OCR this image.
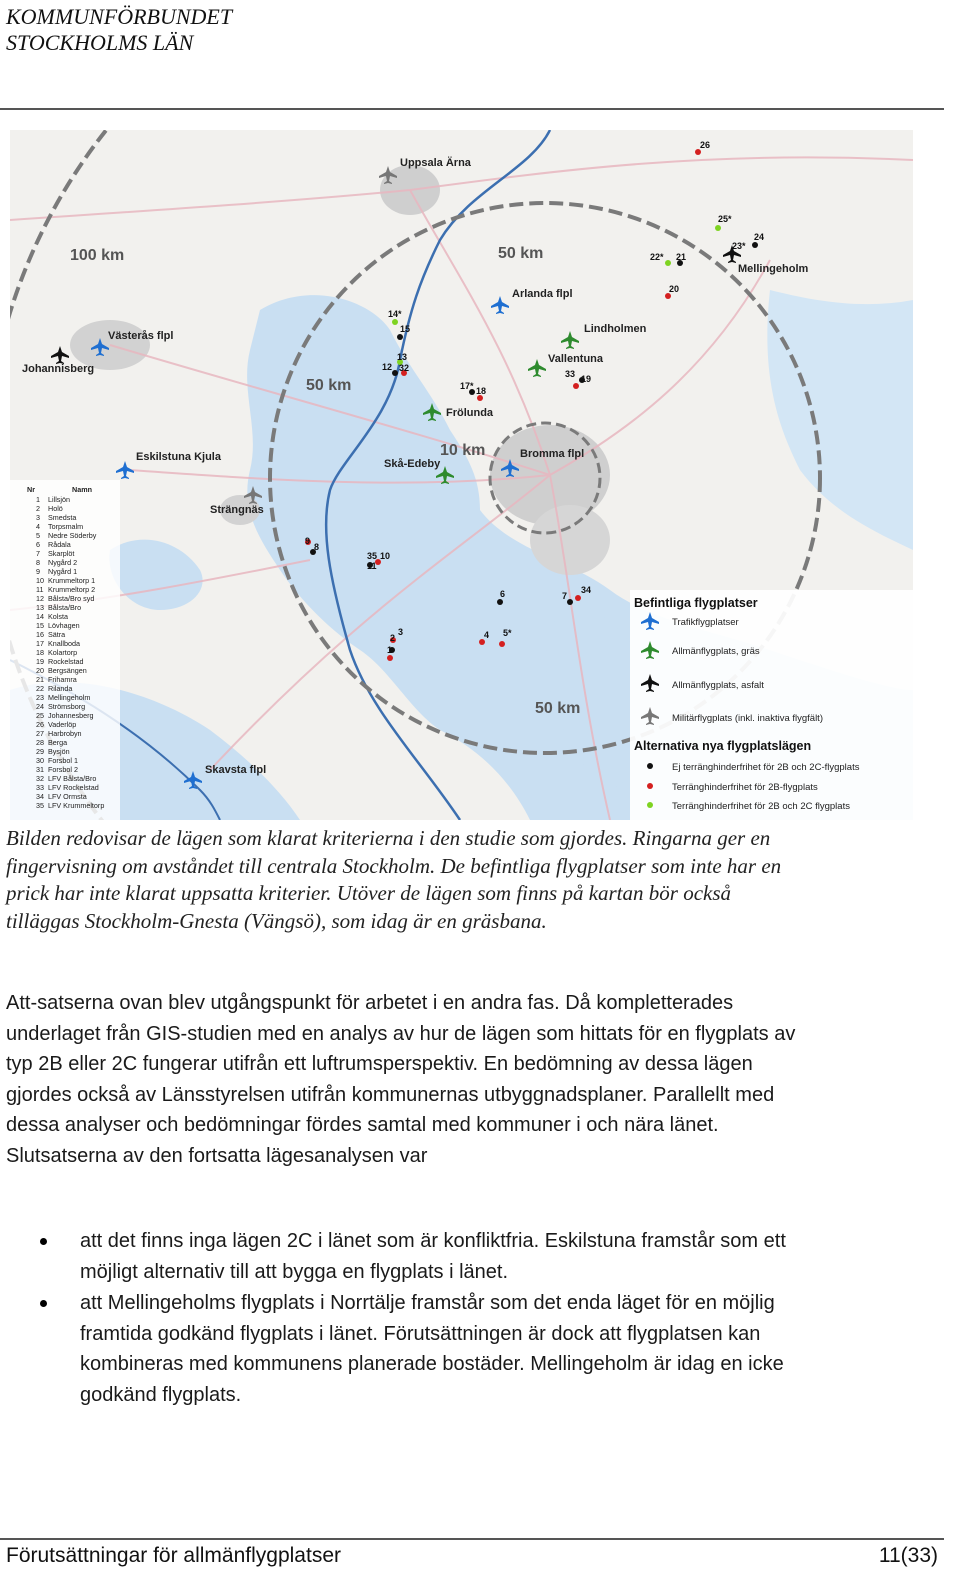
KOMMUNFÖRBUNDET
STOCKHOLMS LÄN
100 km	50 km
50 km
10 km
50 km
Uppsala Ärna
Arlanda flpl
Lindholmen
Vallentuna
Västerås flpl
Johannisberg
Frölunda
Skå-Edeby
Bromma flpl
Eskilstuna Kjula
Strängnäs
Skavsta flpl
Mellingeholm
26
25*
24
23*
22* 21
20
14*
15
13
12 32
17* 18
33 19
9
8
35 10
11
6	7
34
3
2
1
4 5*
Nr	Namn
1 Lillsjön
2 Holö
3 Smedsta
4 Torpsmalm
5 Nedre Söderby
6 Rådala
7 Skarplöt
8 Nygård 2
9 Nygård 1
10 Krummeltorp 1
11 Krummeltorp 2
12 Bålsta/Bro syd
13 Bålsta/Bro
14 Kolsta
15 Lövhagen
16 Sätra
17 Knallboda
18 Kolartorp
19 Rockelstad
20 Bergsängen
21 Frihamra
22 Rilanda
23 Mellingeholm
24 Strömsborg
25 Johannesberg
26 Vaderlöp
27 Harbrobyn
28 Berga
29 Bysjön
30 Forsbol 1
31 Forsbol 2
32 LFV Bålsta/Bro
33 LFV Rockelstad
34 LFV Ormsta
35 LFV Krummeltorp
Befintliga flygplatser
Trafikflygplatser
Allmänflygplats, gräs
Allmänflygplats, asfalt
Militärflygplats (inkl. inaktiva flygfält)
Alternativa nya flygplatslägen
Ej terränghinderfrihet för 2B och 2C-flygplats
Terränghinderfrihet för 2B-flygplats
Terränghinderfrihet för 2B och 2C flygplats
Bilden redovisar de lägen som klarat kriterierna i den studie som gjordes. Ringarna ger en fingervisning om avståndet till centrala Stockholm. De befintliga flygplatser som inte har en prick har inte klarat uppsatta kriterier. Utöver de lägen som finns på kartan bör också tilläggas Stockholm-Gnesta (Vängsö), som idag är en gräsbana.
Att-satserna ovan blev utgångspunkt för arbetet i en andra fas. Då kompletterades underlaget från GIS-studien med en analys av hur de lägen som hittats för en flygplats av typ 2B eller 2C fungerar utifrån ett luftrumsperspektiv. En bedömning av dessa lägen gjordes också av Länsstyrelsen utifrån kommunernas utbyggnadsplaner. Parallellt med dessa analyser och bedömningar fördes samtal med kommuner i och nära länet. Slutsatserna av den fortsatta lägesanalysen var
att det finns inga lägen 2C i länet som är konfliktfria. Eskilstuna framstår som ett möjligt alternativ till att bygga en flygplats i länet.
att Mellingeholms flygplats i Norrtälje framstår som det enda läget för en möjlig framtida godkänd flygplats i länet. Förutsättningen är dock att flygplatsen kan kombineras med kommunens planerade bostäder. Mellingeholm är idag en icke godkänd flygplats.
Förutsättningar för allmänflygplatser	11(33)
